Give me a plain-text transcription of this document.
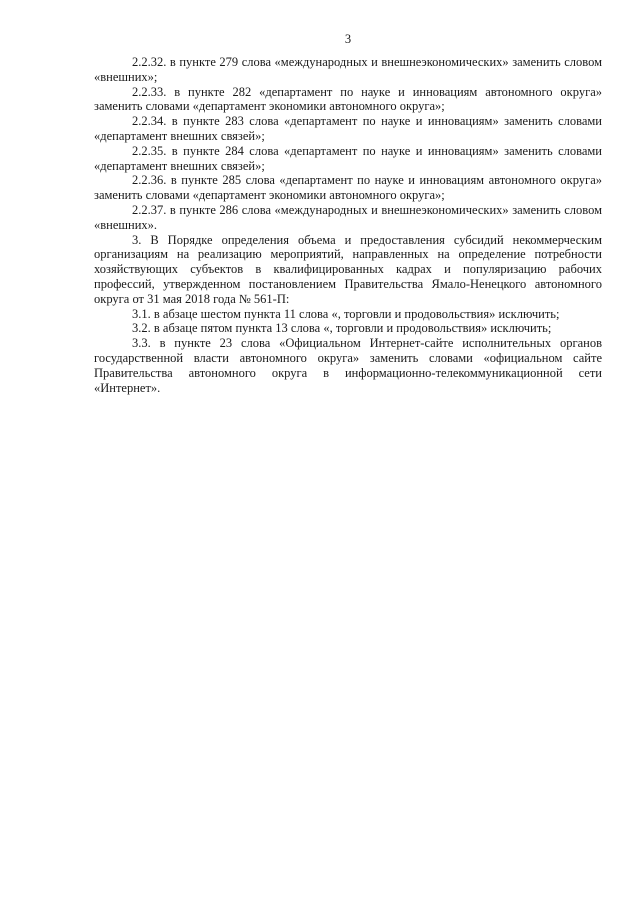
3

2.2.32. в пункте 279 слова «международных и внешнеэкономических» заменить словом «внешних»;

2.2.33. в пункте 282 «департамент по науке и инновациям автономного округа» заменить словами «департамент экономики автономного округа»;

2.2.34. в пункте 283 слова «департамент по науке и инновациям» заменить словами «департамент внешних связей»;

2.2.35. в пункте 284 слова «департамент по науке и инновациям» заменить словами «департамент внешних связей»;

2.2.36. в пункте 285 слова «департамент по науке и инновациям автономного округа» заменить словами «департамент экономики автономного округа»;

2.2.37. в пункте 286 слова «международных и внешнеэкономических» заменить словом «внешних».

3. В Порядке определения объема и предоставления субсидий некоммерческим организациям на реализацию мероприятий, направленных на определение потребности хозяйствующих субъектов в квалифицированных кадрах и популяризацию рабочих профессий, утвержденном постановлением Правительства Ямало-Ненецкого автономного округа от 31 мая 2018 года № 561-П:

3.1. в абзаце шестом пункта 11 слова «, торговли и продовольствия» исключить;

3.2. в абзаце пятом пункта 13 слова «, торговли и продовольствия» исключить;

3.3. в пункте 23 слова «Официальном Интернет-сайте исполнительных органов государственной власти автономного округа» заменить словами «официальном сайте Правительства автономного округа в информационно-телекоммуникационной сети «Интернет».
